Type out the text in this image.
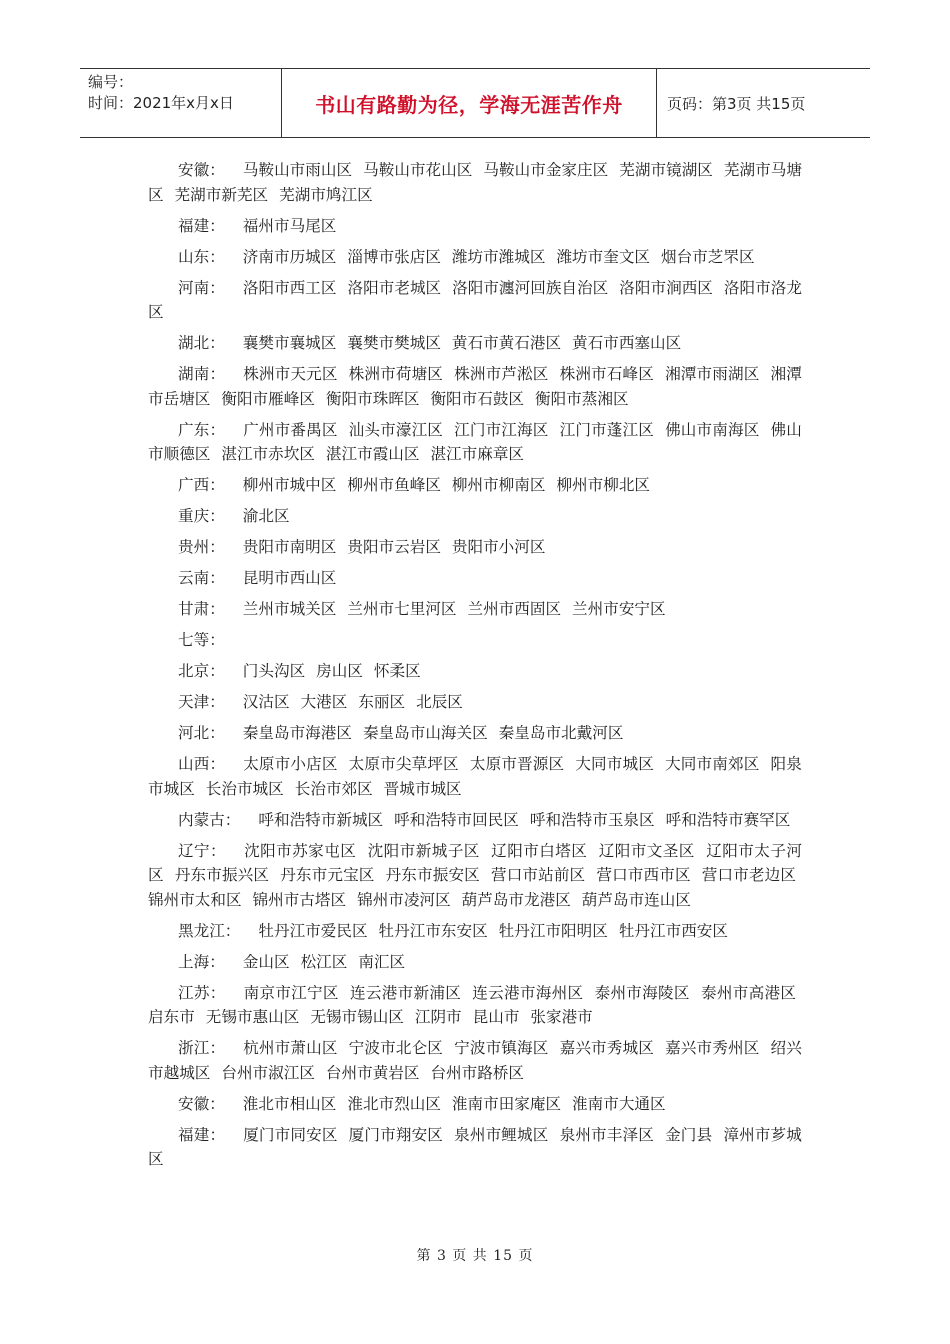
编号：
时间：2021年x月x日	书山有路勤为径，学海无涯苦作舟	页码：第3页 共15页

安徽： 马鞍山市雨山区 马鞍山市花山区 马鞍山市金家庄区 芜湖市镜湖区 芜湖市马塘区 芜湖市新芜区 芜湖市鸠江区

福建： 福州市马尾区

山东： 济南市历城区 淄博市张店区 潍坊市潍城区 潍坊市奎文区 烟台市芝罘区

河南： 洛阳市西工区 洛阳市老城区 洛阳市瀍河回族自治区 洛阳市涧西区 洛阳市洛龙区

湖北： 襄樊市襄城区 襄樊市樊城区 黄石市黄石港区 黄石市西塞山区

湖南： 株洲市天元区 株洲市荷塘区 株洲市芦淞区 株洲市石峰区 湘潭市雨湖区 湘潭市岳塘区 衡阳市雁峰区 衡阳市珠晖区 衡阳市石鼓区 衡阳市蒸湘区

广东： 广州市番禺区 汕头市濠江区 江门市江海区 江门市蓬江区 佛山市南海区 佛山市顺德区 湛江市赤坎区 湛江市霞山区 湛江市麻章区

广西： 柳州市城中区 柳州市鱼峰区 柳州市柳南区 柳州市柳北区

重庆： 渝北区

贵州： 贵阳市南明区 贵阳市云岩区 贵阳市小河区

云南： 昆明市西山区

甘肃： 兰州市城关区 兰州市七里河区 兰州市西固区 兰州市安宁区

七等：

北京： 门头沟区 房山区 怀柔区

天津： 汉沽区 大港区 东丽区 北辰区

河北： 秦皇岛市海港区 秦皇岛市山海关区 秦皇岛市北戴河区

山西： 太原市小店区 太原市尖草坪区 太原市晋源区 大同市城区 大同市南郊区 阳泉市城区 长治市城区 长治市郊区 晋城市城区

内蒙古： 呼和浩特市新城区 呼和浩特市回民区 呼和浩特市玉泉区 呼和浩特市赛罕区

辽宁： 沈阳市苏家屯区 沈阳市新城子区 辽阳市白塔区 辽阳市文圣区 辽阳市太子河区 丹东市振兴区 丹东市元宝区 丹东市振安区 营口市站前区 营口市西市区 营口市老边区 锦州市太和区 锦州市古塔区 锦州市凌河区 葫芦岛市龙港区 葫芦岛市连山区

黑龙江： 牡丹江市爱民区 牡丹江市东安区 牡丹江市阳明区 牡丹江市西安区

上海： 金山区 松江区 南汇区

江苏： 南京市江宁区 连云港市新浦区 连云港市海州区 泰州市海陵区 泰州市高港区 启东市 无锡市惠山区 无锡市锡山区 江阴市 昆山市 张家港市

浙江： 杭州市萧山区 宁波市北仑区 宁波市镇海区 嘉兴市秀城区 嘉兴市秀州区 绍兴市越城区 台州市淑江区 台州市黄岩区 台州市路桥区

安徽： 淮北市相山区 淮北市烈山区 淮南市田家庵区 淮南市大通区

福建： 厦门市同安区 厦门市翔安区 泉州市鲤城区 泉州市丰泽区 金门县 漳州市芗城区

第 3 页 共 15 页
